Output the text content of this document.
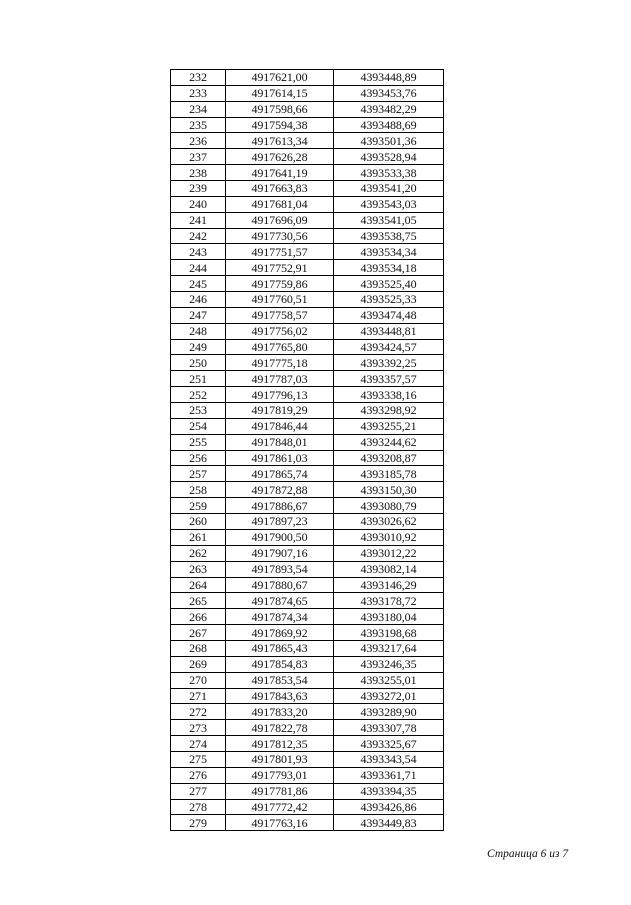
232	4917621,00	4393448,89
233	4917614,15	4393453,76
234	4917598,66	4393482,29
235	4917594,38	4393488,69
236	4917613,34	4393501,36
237	4917626,28	4393528,94
238	4917641,19	4393533,38
239	4917663,83	4393541,20
240	4917681,04	4393543,03
241	4917696,09	4393541,05
242	4917730,56	4393538,75
243	4917751,57	4393534,34
244	4917752,91	4393534,18
245	4917759,86	4393525,40
246	4917760,51	4393525,33
247	4917758,57	4393474,48
248	4917756,02	4393448,81
249	4917765,80	4393424,57
250	4917775,18	4393392,25
251	4917787,03	4393357,57
252	4917796,13	4393338,16
253	4917819,29	4393298,92
254	4917846,44	4393255,21
255	4917848,01	4393244,62
256	4917861,03	4393208,87
257	4917865,74	4393185,78
258	4917872,88	4393150,30
259	4917886,67	4393080,79
260	4917897,23	4393026,62
261	4917900,50	4393010,92
262	4917907,16	4393012,22
263	4917893,54	4393082,14
264	4917880,67	4393146,29
265	4917874,65	4393178,72
266	4917874,34	4393180,04
267	4917869,92	4393198,68
268	4917865,43	4393217,64
269	4917854,83	4393246,35
270	4917853,54	4393255,01
271	4917843,63	4393272,01
272	4917833,20	4393289,90
273	4917822,78	4393307,78
274	4917812,35	4393325,67
275	4917801,93	4393343,54
276	4917793,01	4393361,71
277	4917781,86	4393394,35
278	4917772,42	4393426,86
279	4917763,16	4393449,83
Страница 6 из 7
